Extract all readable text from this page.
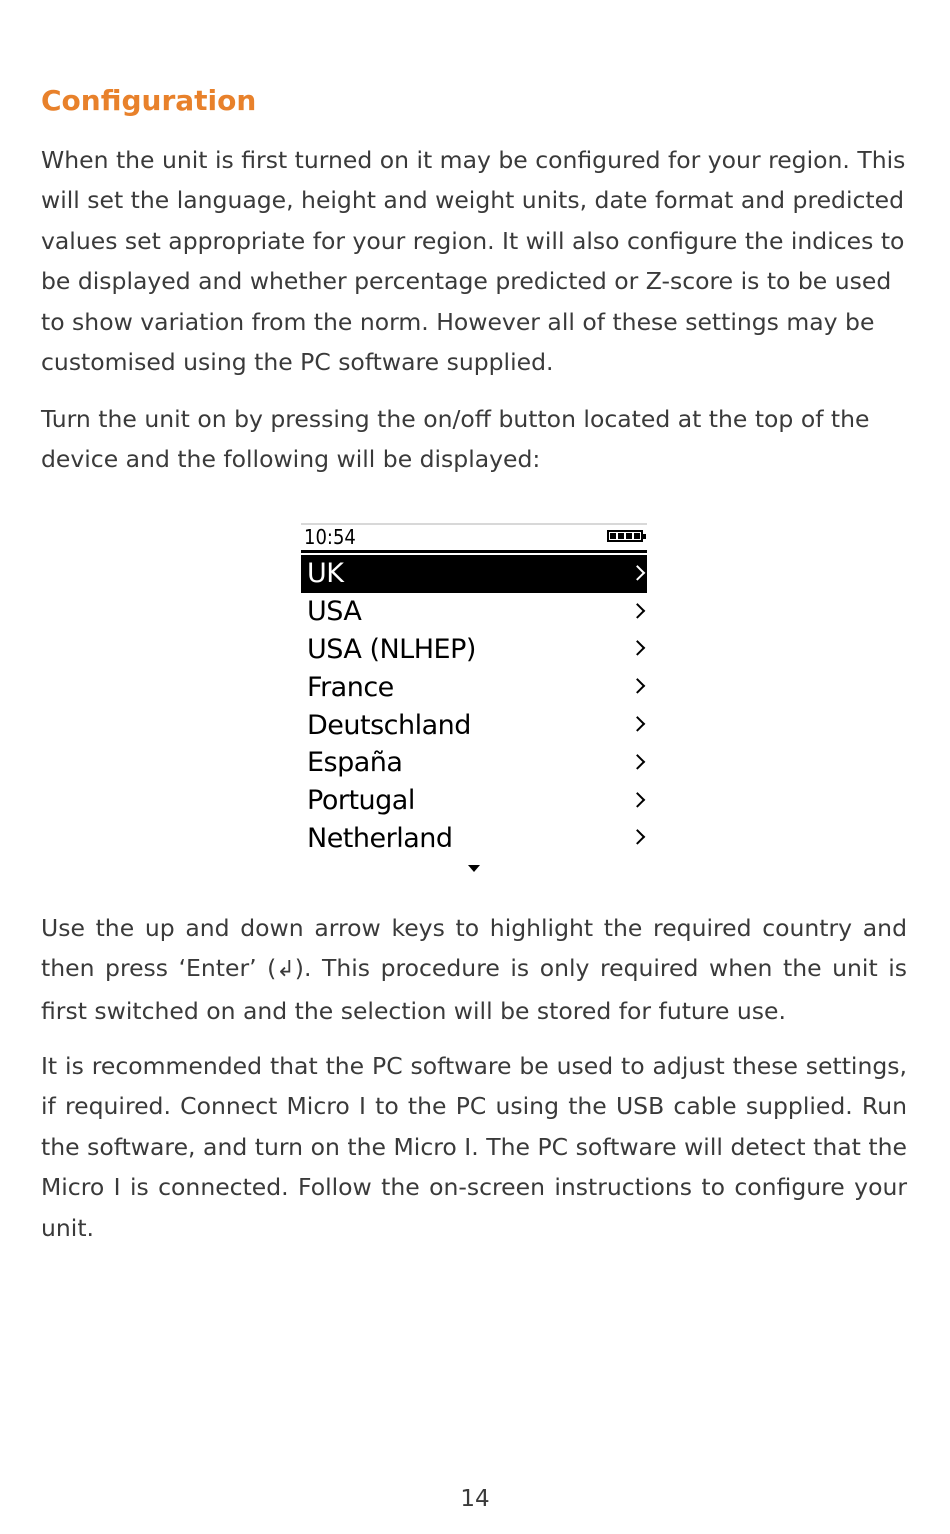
Configuration

When the unit is first turned on it may be configured for your region. This will set the language, height and weight units, date format and predicted values set appropriate for your region. It will also configure the indices to be displayed and whether percentage predicted or Z-score is to be used to show variation from the norm. However all of these settings may be customised using the PC software supplied.

Turn the unit on by pressing the on/off button located at the top of the device and the following will be displayed:

10:54
UK
USA
USA (NLHEP)
France
Deutschland
España
Portugal
Netherland

Use the up and down arrow keys to highlight the required country and then press ‘Enter’ (↲). This procedure is only required when the unit is first switched on and the selection will be stored for future use.

It is recommended that the PC software be used to adjust these settings, if required. Connect Micro I to the PC using the USB cable supplied. Run the software, and turn on the Micro I. The PC software will detect that the Micro I is connected. Follow the on-screen instructions to configure your unit.

14
